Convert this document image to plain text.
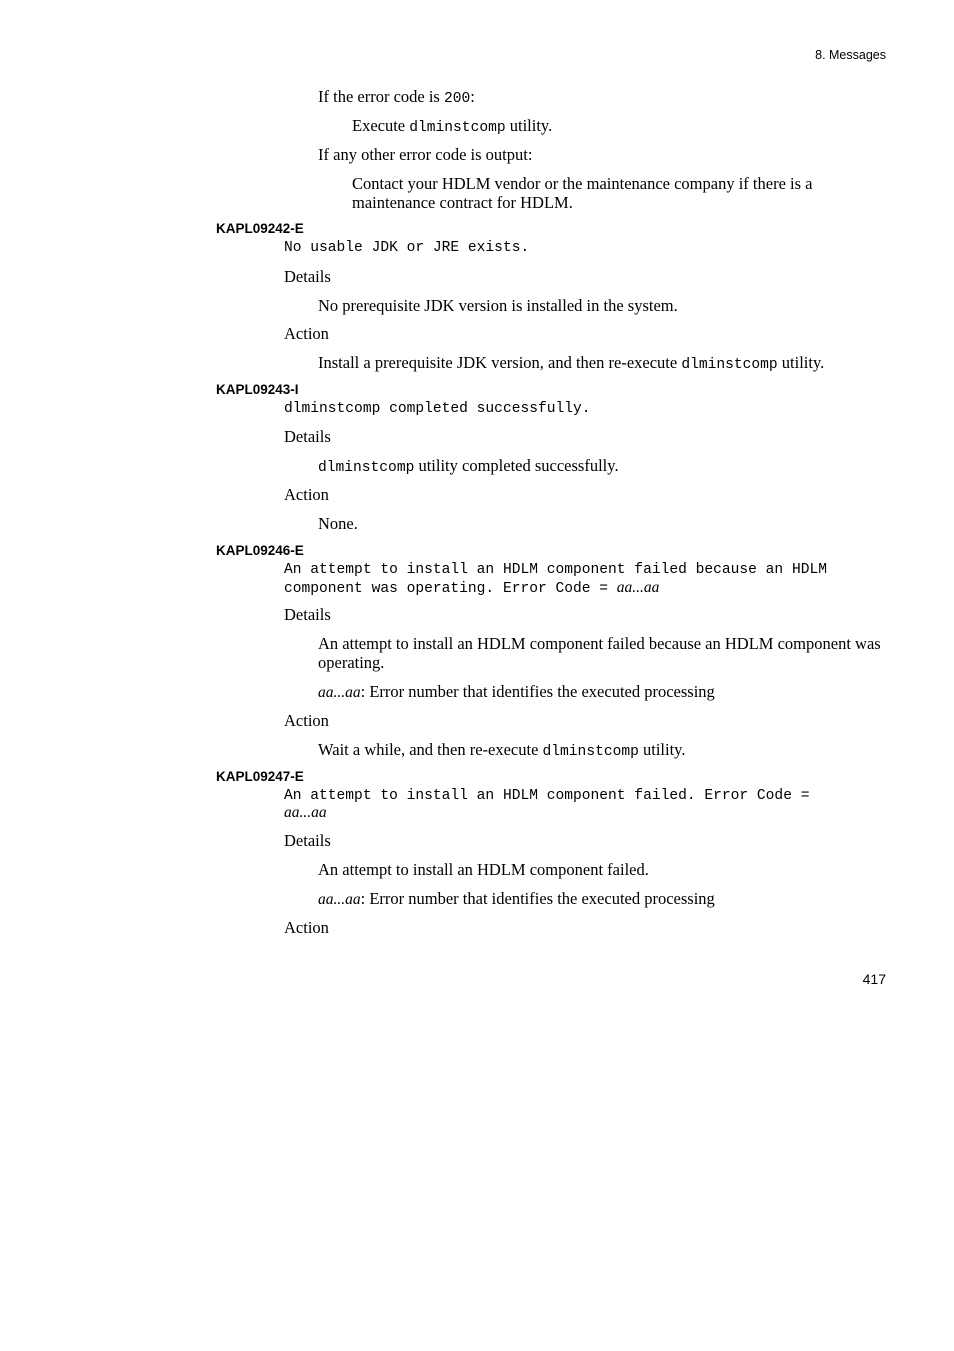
8. Messages
If the error code is 200:
Execute dlminstcomp utility.
If any other error code is output:
Contact your HDLM vendor or the maintenance company if there is a maintenance contract for HDLM.
KAPL09242-E
No usable JDK or JRE exists.
Details
No prerequisite JDK version is installed in the system.
Action
Install a prerequisite JDK version, and then re-execute dlminstcomp utility.
KAPL09243-I
dlminstcomp completed successfully.
Details
dlminstcomp utility completed successfully.
Action
None.
KAPL09246-E
An attempt to install an HDLM component failed because an HDLM
component was operating. Error Code = aa...aa
Details
An attempt to install an HDLM component failed because an HDLM component was operating.
aa...aa: Error number that identifies the executed processing
Action
Wait a while, and then re-execute dlminstcomp utility.
KAPL09247-E
An attempt to install an HDLM component failed. Error Code =
aa...aa
Details
An attempt to install an HDLM component failed.
aa...aa: Error number that identifies the executed processing
Action
417
